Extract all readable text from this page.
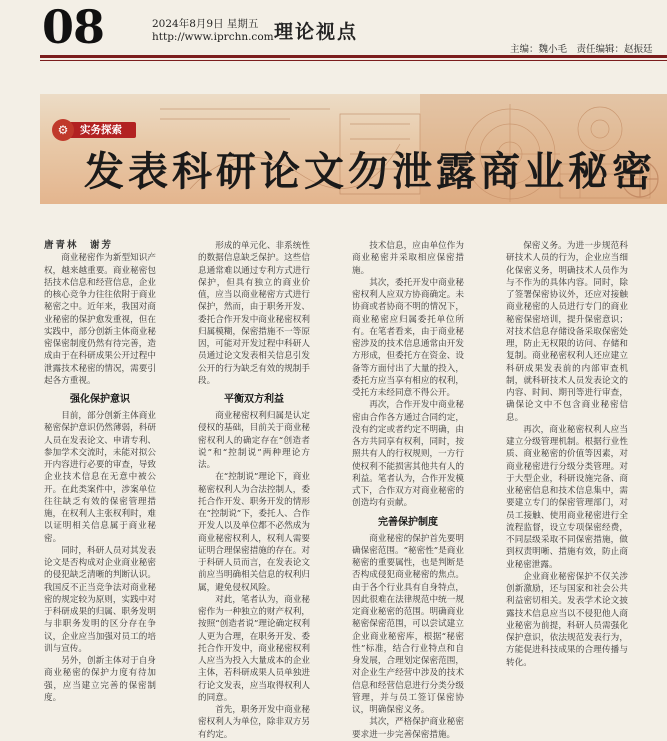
08	2024年8月9日 星期五
http://www.iprchn.com 理论视点
主编：魏小毛　责任编辑：赵振廷
实务探索
⚙
发表科研论文勿泄露商业秘密

唐青林　谢芳

商业秘密作为新型知识产权，越来越重要。商业秘密包括技术信息和经营信息，企业的核心竞争力往往依附于商业秘密之中。近年来，我国对商业秘密的保护愈发重视，但在实践中，部分创新主体商业秘密保密制度仍然有待完善，造成由于在科研成果公开过程中泄露技术秘密的情况，需要引起各方重视。

强化保护意识

目前，部分创新主体商业秘密保护意识仍然薄弱，科研人员在发表论文、申请专利、参加学术交流时，未能对拟公开内容进行必要的审查，导致企业技术信息在无意中被公开。在此类案件中，涉案单位往往缺乏有效的保密管理措施，在权利人主张权利时，难以证明相关信息属于商业秘密。

同时，科研人员对其发表论文是否构成对企业商业秘密的侵犯缺乏清晰的判断认识。我国反不正当竞争法对商业秘密的规定较为原则，实践中对于科研成果的归属、职务发明与非职务发明的区分存在争议，企业应当加强对员工的培训与宣传。

另外，创新主体对于自身商业秘密的保护力度有待加强，应当建立完善的保密制度。

形成的单元化、非系统性的数据信息缺乏保护。这些信息通常难以通过专利方式进行保护，但具有独立的商业价值，应当以商业秘密方式进行保护，然而，由于职务开发、委托合作开发中商业秘密权利归属模糊，保密措施不一等原因，可能对开发过程中科研人员通过论文发表相关信息引发公开的行为缺乏有效的规制手段。

平衡双方利益

商业秘密权利归属是认定侵权的基础，目前关于商业秘密权利人的确定存在“创造者说”和“控制说”两种理论方法。

在“控制说”理论下，商业秘密权利人为合法控制人，委托合作开发、职务开发的情形在“控制说”下，委托人、合作开发人以及单位都不必然成为商业秘密权利人，权利人需要证明合理保密措施的存在。对于科研人员而言，在发表论文前应当明确相关信息的权利归属，避免侵权风险。

对此，笔者认为，商业秘密作为一种独立的财产权利，按照“创造者说”理论确定权利人更为合理，在职务开发、委托合作开发中，商业秘密权利人应当为投入大量成本的企业主体，若科研成果人员单独进行论文发表，应当取得权利人的同意。

首先，职务开发中商业秘密权利人为单位，除非双方另有约定。

技术信息，应由单位作为商业秘密并采取相应保密措施。

其次，委托开发中商业秘密权利人应双方协商确定。未协商或者协商不明的情况下，商业秘密应归属委托单位所有。在笔者看来，由于商业秘密涉及的技术信息通常由开发方形成，但委托方在资金、设备等方面付出了大量的投入，委托方应当享有相应的权利，受托方未经同意不得公开。

再次，合作开发中商业秘密由合作各方通过合同约定，没有约定或者约定不明确，由各方共同享有权利，同时，按照共有人的行权规则，一方行使权利不能损害其他共有人的利益。笔者认为，合作开发模式下，合作双方对商业秘密的创造均有贡献。

完善保护制度

商业秘密的保护首先要明确保密范围。“秘密性”是商业秘密的重要属性，也是判断是否构成侵犯商业秘密的焦点。由于各个行业具有自身特点，因此很难在法律规范中统一规定商业秘密的范围。明确商业秘密保密范围，可以尝试建立企业商业秘密库，根据“秘密性”标准，结合行业特点和自身发展，合理划定保密范围，对企业生产经营中涉及的技术信息和经营信息进行分类分级管理，并与员工签订保密协议，明确保密义务。

其次，严格保护商业秘密要求进一步完善保密措施。

保密义务。为进一步规范科研技术人员的行为，企业应当细化保密义务，明确技术人员作为与不作为的具体内容。同时，除了签署保密协议外，还应对接触商业秘密的人员进行专门的商业秘密保密培训，提升保密意识；对技术信息存储设备采取保密处理，防止无权限的访问、存储和复制。商业秘密权利人还应建立科研成果发表前的内部审查机制，就科研技术人员发表论文的内容、时间、期刊等进行审查，确保论文中不包含商业秘密信息。

再次，商业秘密权利人应当建立分级管理机制。根据行业性质、商业秘密的价值等因素，对商业秘密进行分级分类管理。对于大型企业，科研设施完备、商业秘密信息和技术信息集中，需要建立专门的保密管理部门，对员工接触、使用商业秘密进行全流程监督，设立专项保密经费，不同层级采取不同保密措施，做到权责明晰、措施有效，防止商业秘密泄露。

企业商业秘密保护不仅关涉创新激励，还与国家和社会公共利益密切相关。发表学术论文披露技术信息应当以不侵犯他人商业秘密为前提，科研人员需强化保护意识，依法规范发表行为，方能促进科技成果的合理传播与转化。
